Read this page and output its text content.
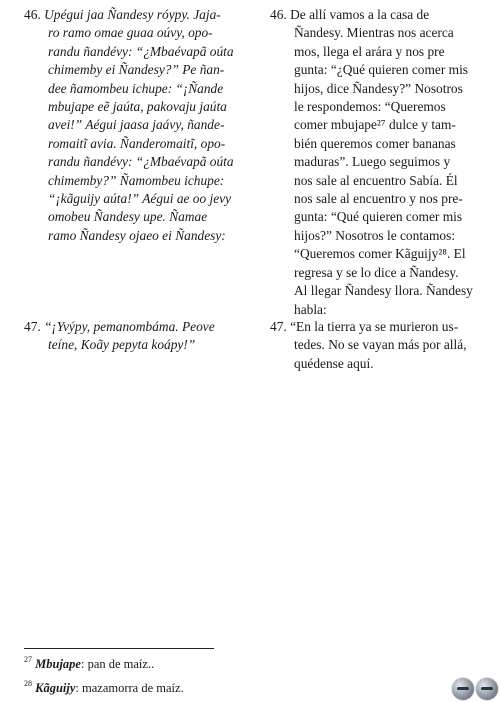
46. Upégui jaa Ñandesy róypy. Jaja-
ro ramo omae guaa oúvy, opo-
randu ñandévy: “¿Mbaévapã oúta
chimemby ei Ñandesy?” Pe ñan-
dee ñamombeu ichupe: “¡Ñande
mbujape eẽ jaúta, pakovaju jaúta
avei!” Aégui jaasa jaávy, ñande-
romaitĩ avia. Ñanderomaitĩ, opo-
randu ñandévy: “¿Mbaévapã oúta
chimemby?” Ñamombeu ichupe:
“¡kãguijy aúta!” Aégui ae oo jevy
omobeu Ñandesy upe. Ñamae
ramo Ñandesy ojaeo ei Ñandesy:
46. De allí vamos a la casa de
Ñandesy. Mientras nos acerca
mos, llega el arára y nos pre
gunta: “¿Qué quieren comer mis
hijos, dice Ñandesy?” Nosotros
le respondemos: “Queremos
comer mbujape²⁷ dulce y tam-
bién queremos comer bananas
maduras”. Luego seguimos y
nos sale al encuentro Sabía. Él
nos sale al encuentro y nos pre-
gunta: “Qué quieren comer mis
hijos?” Nosotros le contamos:
“Queremos comer Kãguijy²⁸. El
regresa y se lo dice a Ñandesy.
Al llegar Ñandesy llora. Ñandesy
habla:
47. “¡Yvýpy, pemanombáma. Peove
teíne, Koãy pepyta koápy!”
47. “En la tierra ya se murieron us-
tedes. No se vayan más por allá,
quédense aquí.
$^{27}$ Mbujape: pan de maíz..
$^{28}$ Kãguijy: mazamorra de maíz.
